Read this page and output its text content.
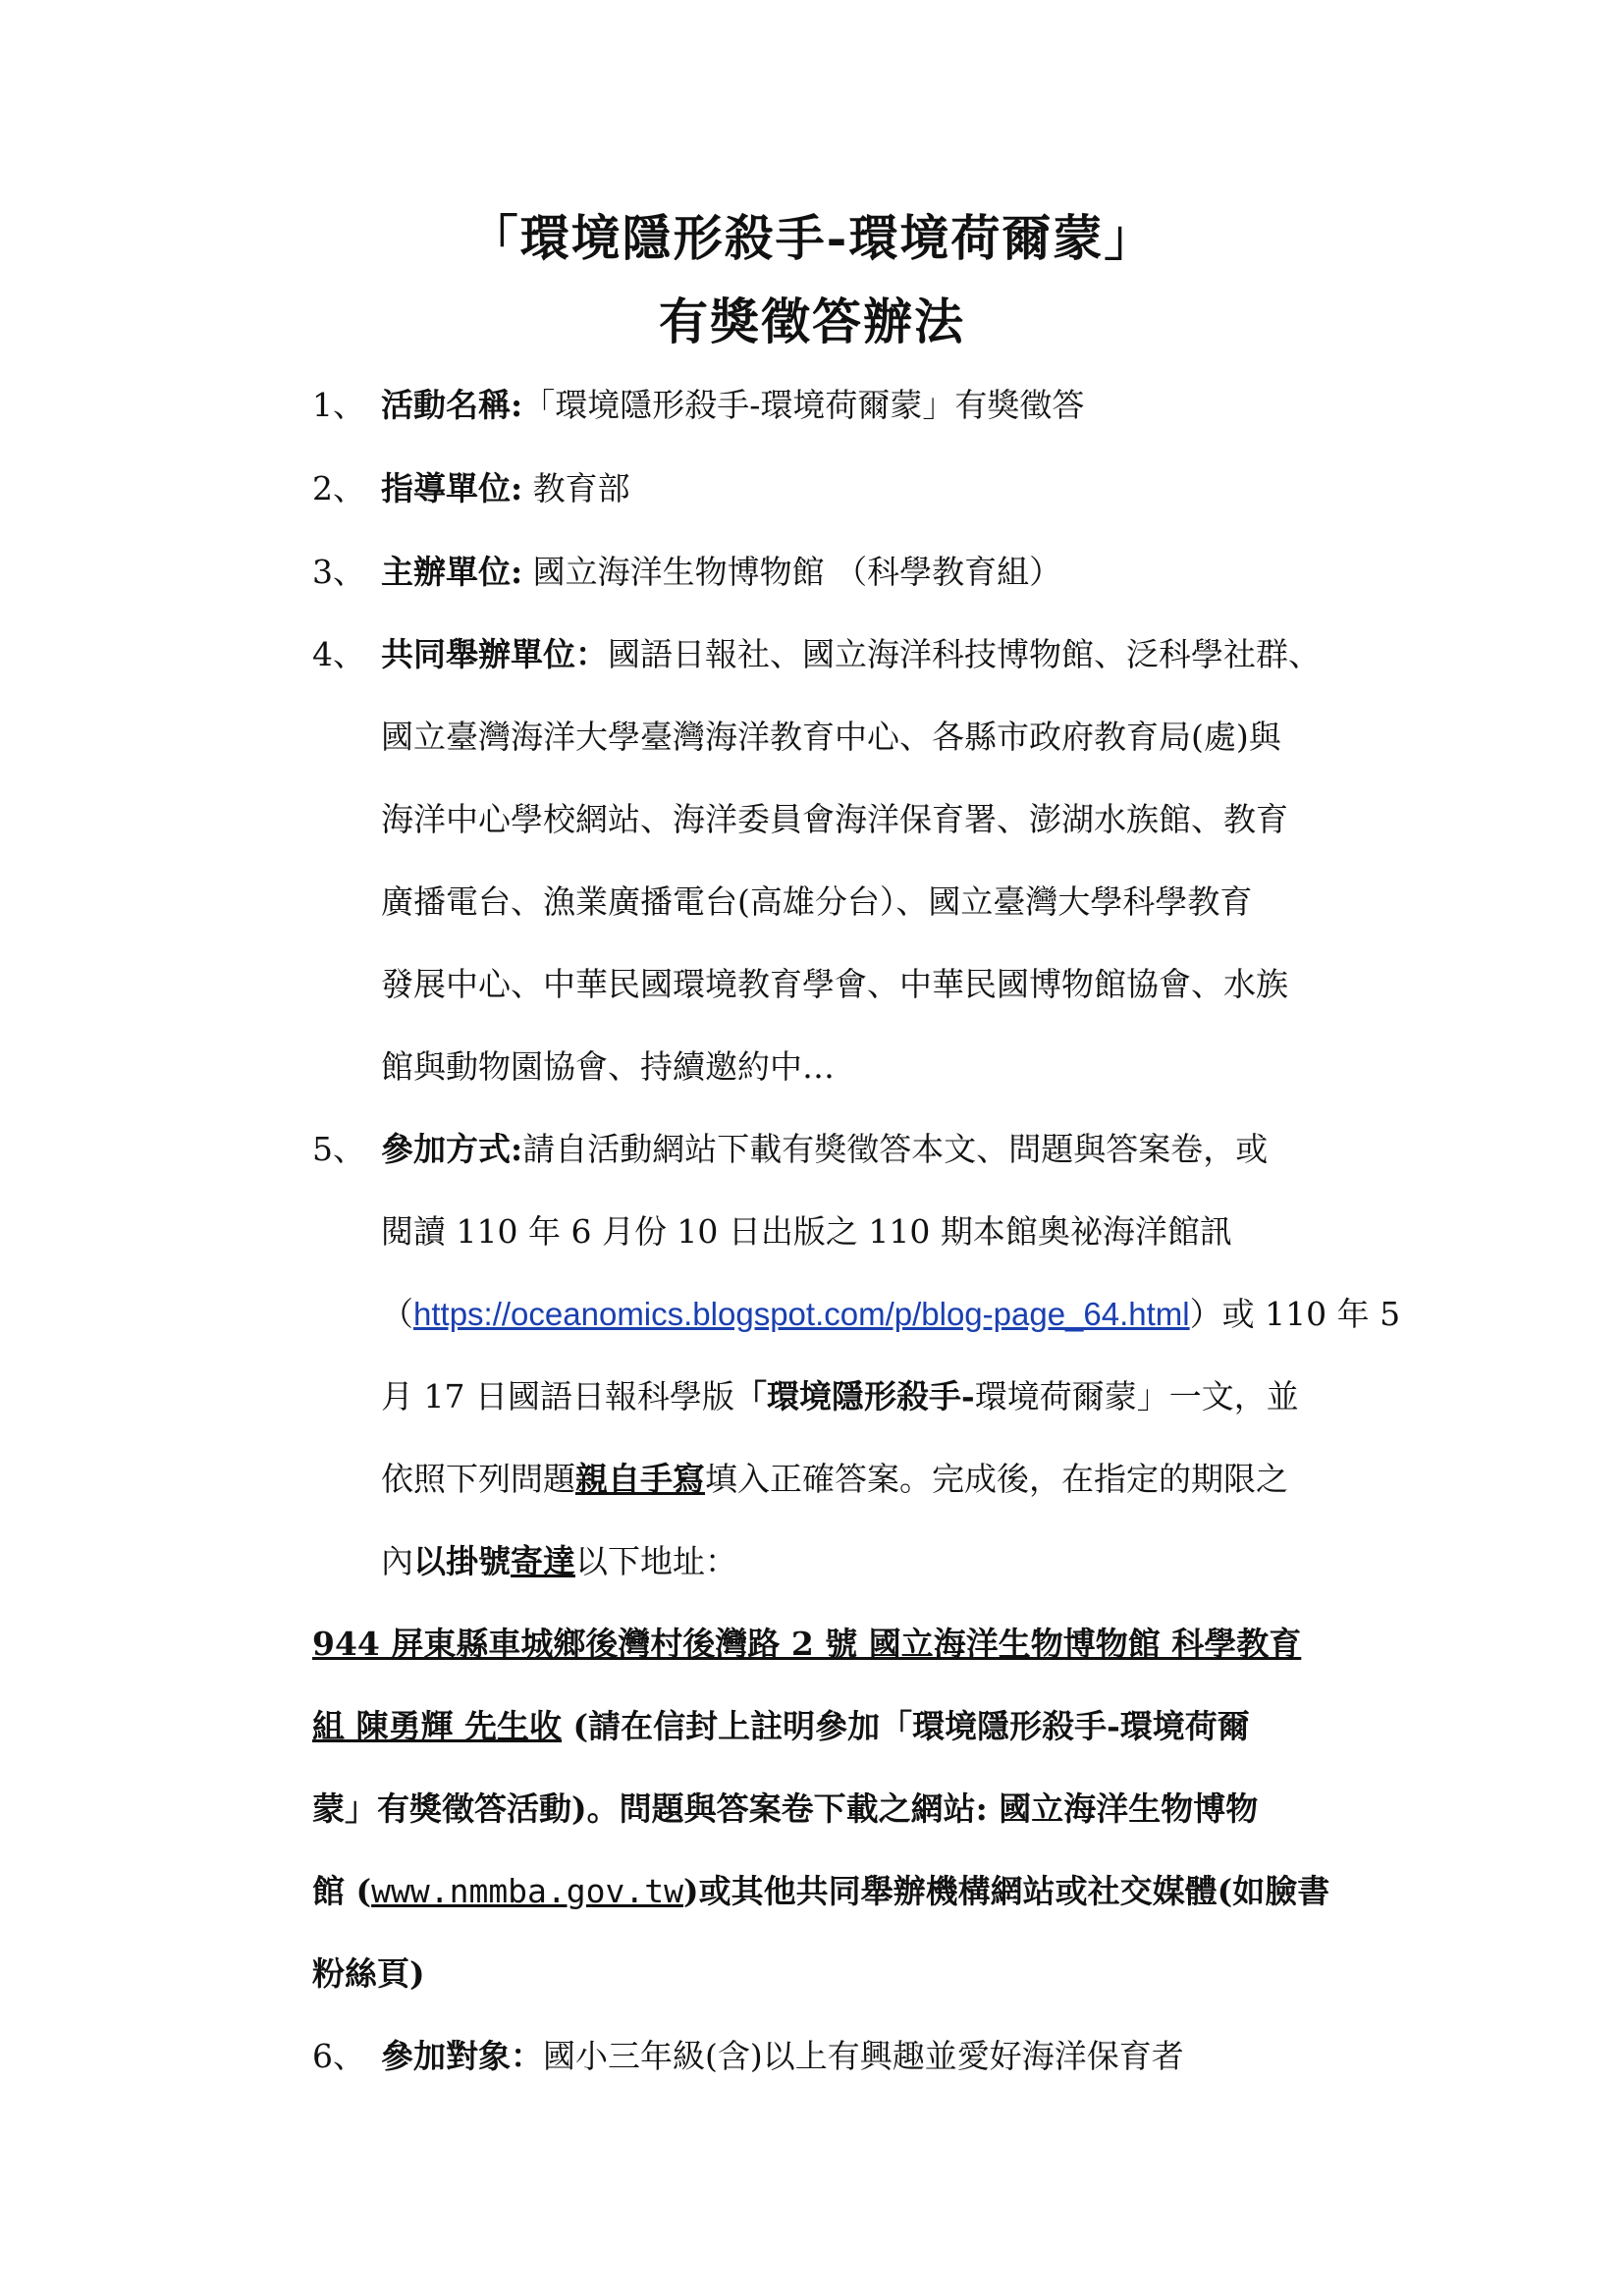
「環境隱形殺手-環境荷爾蒙」
有獎徵答辦法
1、 活動名稱:「環境隱形殺手-環境荷爾蒙」有獎徵答
2、 指導單位: 教育部
3、 主辦單位: 國立海洋生物博物館 （科學教育組）
4、 共同舉辦單位：國語日報社、國立海洋科技博物館、泛科學社群、
國立臺灣海洋大學臺灣海洋教育中心、各縣市政府教育局(處)與
海洋中心學校網站、海洋委員會海洋保育署、澎湖水族館、教育
廣播電台、漁業廣播電台(高雄分台）、國立臺灣大學科學教育
發展中心、中華民國環境教育學會、中華民國博物館協會、水族
館與動物園協會、持續邀約中…
5、 參加方式:請自活動網站下載有獎徵答本文、問題與答案卷，或
閱讀 110 年 6 月份 10 日出版之 110 期本館奧祕海洋館訊
（https://oceanomics.blogspot.com/p/blog-page_64.html）或 110 年 5
月 17 日國語日報科學版「環境隱形殺手-環境荷爾蒙」一文，並
依照下列問題親自手寫填入正確答案。完成後，在指定的期限之
內以掛號寄達以下地址：
944 屏東縣車城鄉後灣村後灣路 2 號 國立海洋生物博物館 科學教育
組 陳勇輝 先生收 (請在信封上註明參加「環境隱形殺手-環境荷爾
蒙」有獎徵答活動)。問題與答案卷下載之網站: 國立海洋生物博物
館 (www.nmmba.gov.tw)或其他共同舉辦機構網站或社交媒體(如臉書
粉絲頁)
6、 參加對象：國小三年級(含)以上有興趣並愛好海洋保育者
